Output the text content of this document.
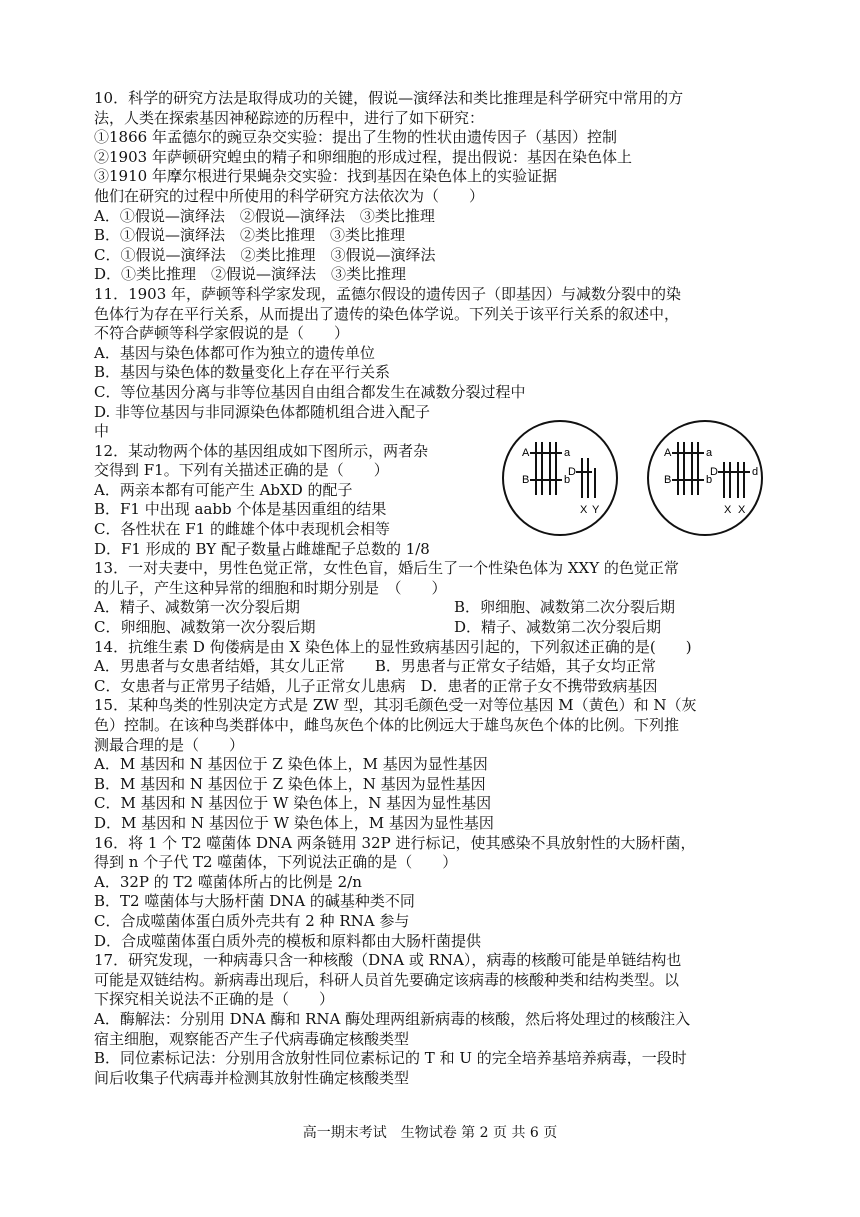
10．科学的研究方法是取得成功的关键，假说—演绎法和类比推理是科学研究中常用的方
法，人类在探索基因神秘踪迹的历程中，进行了如下研究：
①1866 年孟德尔的豌豆杂交实验：提出了生物的性状由遗传因子（基因）控制
②1903 年萨顿研究蝗虫的精子和卵细胞的形成过程，提出假说：基因在染色体上
③1910 年摩尔根进行果蝇杂交实验：找到基因在染色体上的实验证据
他们在研究的过程中所使用的科学研究方法依次为（　　）
A．①假说—演绎法　②假说—演绎法　③类比推理
B．①假说—演绎法　②类比推理　③类比推理
C．①假说—演绎法　②类比推理　③假说—演绎法
D．①类比推理　②假说—演绎法　③类比推理
11．1903 年，萨顿等科学家发现，孟德尔假设的遗传因子（即基因）与减数分裂中的染
色体行为存在平行关系，从而提出了遗传的染色体学说。下列关于该平行关系的叙述中，
不符合萨顿等科学家假说的是（　　）
A．基因与染色体都可作为独立的遗传单位
B．基因与染色体的数量变化上存在平行关系
C．等位基因分离与非等位基因自由组合都发生在减数分裂过程中
D. 非等位基因与非同源染色体都随机组合进入配子
中
12．某动物两个体的基因组成如下图所示，两者杂
交得到 F1。下列有关描述正确的是（　　）
A．两亲本都有可能产生 AbXD 的配子
B．F1 中出现 aabb 个体是基因重组的结果
C．各性状在 F1 的雌雄个体中表现机会相等
D．F1 形成的 BY 配子数量占雌雄配子总数的 1/8
13．一对夫妻中，男性色觉正常，女性色盲，婚后生了一个性染色体为 XXY 的色觉正常
的儿子，产生这种异常的细胞和时期分别是　（　　）
A．精子、减数第一次分裂后期	B．卵细胞、减数第二次分裂后期
C．卵细胞、减数第一次分裂后期	D．精子、减数第二次分裂后期
14．抗维生素 D 佝偻病是由 X 染色体上的显性致病基因引起的，下列叙述正确的是(　　)
A．男患者与女患者结婚，其女儿正常　　B．男患者与正常女子结婚，其子女均正常
C．女患者与正常男子结婚，儿子正常女儿患病　D．患者的正常子女不携带致病基因
15．某种鸟类的性别决定方式是 ZW 型，其羽毛颜色受一对等位基因 M（黄色）和 N（灰
色）控制。在该种鸟类群体中，雌鸟灰色个体的比例远大于雄鸟灰色个体的比例。下列推
测最合理的是（　　）
A．M 基因和 N 基因位于 Z 染色体上，M 基因为显性基因
B．M 基因和 N 基因位于 Z 染色体上，N 基因为显性基因
C．M 基因和 N 基因位于 W 染色体上，N 基因为显性基因
D．M 基因和 N 基因位于 W 染色体上，M 基因为显性基因
16．将 1 个 T2 噬菌体 DNA 两条链用 32P 进行标记，使其感染不具放射性的大肠杆菌，
得到 n 个子代 T2 噬菌体，下列说法正确的是（　　）
A．32P 的 T2 噬菌体所占的比例是 2/n
B．T2 噬菌体与大肠杆菌 DNA 的碱基种类不同
C．合成噬菌体蛋白质外壳共有 2 种 RNA 参与
D．合成噬菌体蛋白质外壳的模板和原料都由大肠杆菌提供
17．研究发现，一种病毒只含一种核酸（DNA 或 RNA），病毒的核酸可能是单链结构也
可能是双链结构。新病毒出现后，科研人员首先要确定该病毒的核酸种类和结构类型。以
下探究相关说法不正确的是（　　）
A．酶解法：分别用 DNA 酶和 RNA 酶处理两组新病毒的核酸，然后将处理过的核酸注入
宿主细胞，观察能否产生子代病毒确定核酸类型
B．同位素标记法：分别用含放射性同位素标记的 T 和 U 的完全培养基培养病毒，一段时
间后收集子代病毒并检测其放射性确定核酸类型
A	a
B	b
D
X Y
A	a
B	b
D	d
X X
高一期末考试　生物试卷 第 2 页 共 6 页
